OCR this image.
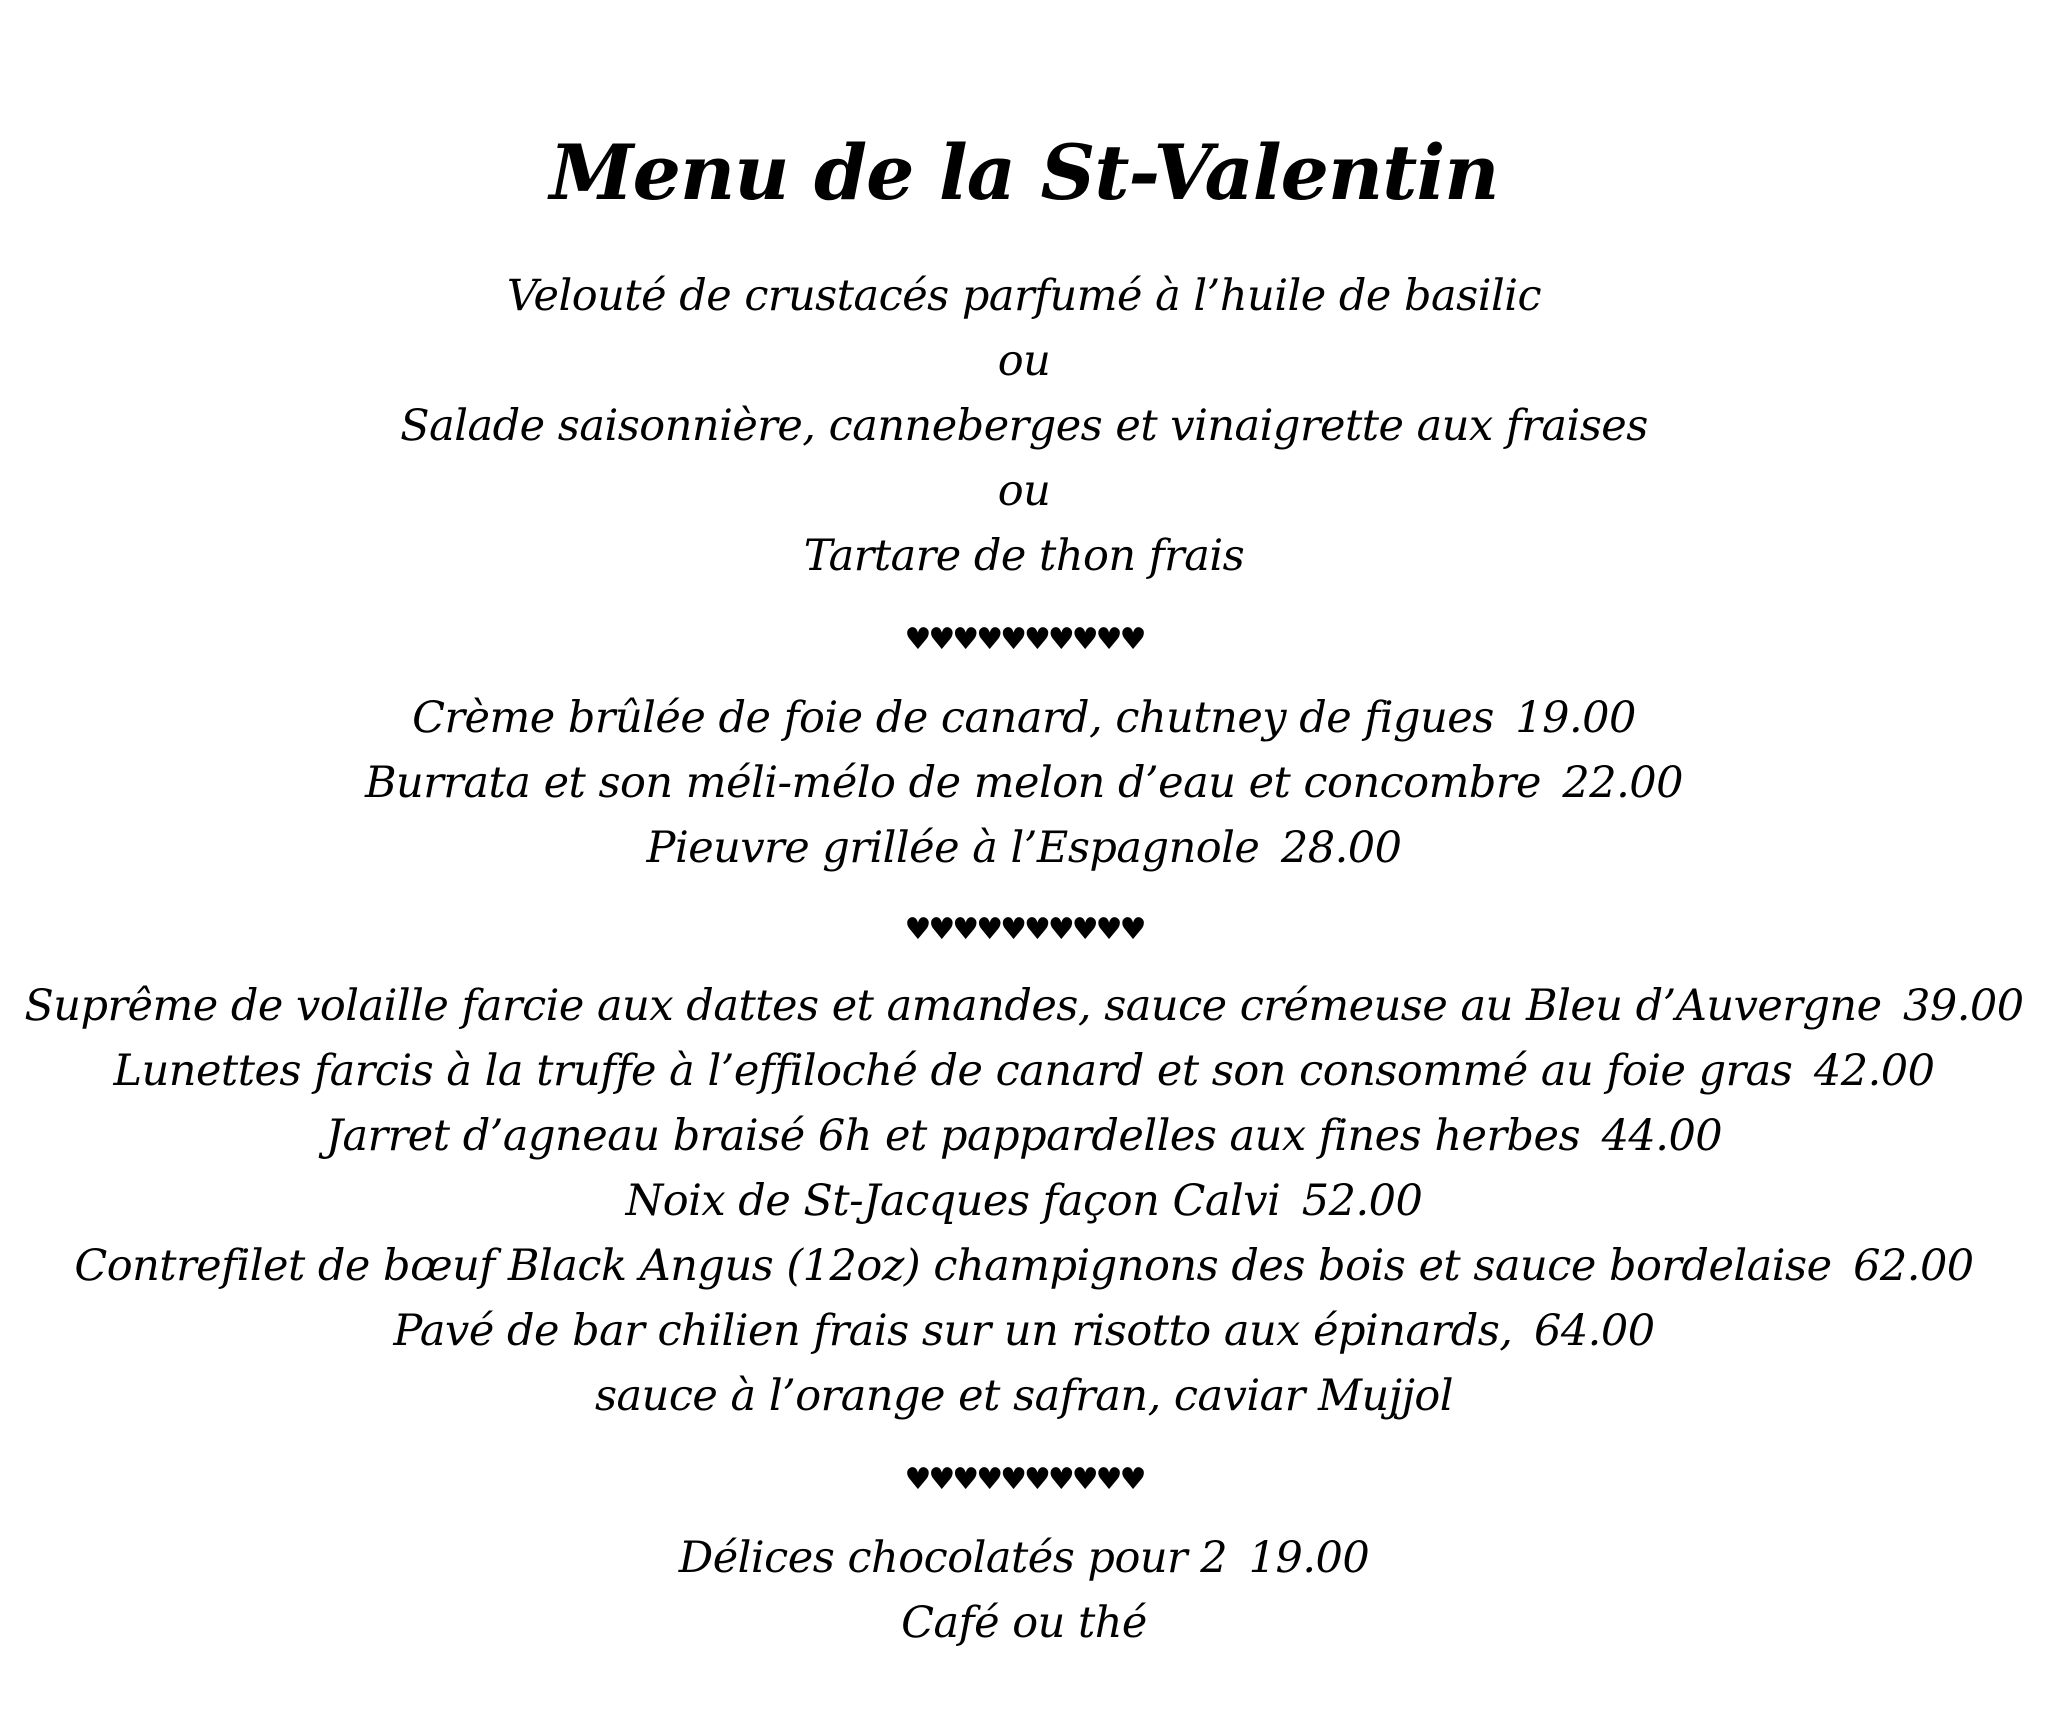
Menu de la St-Valentin
Velouté de crustacés parfumé à l’huile de basilic
ou
Salade saisonnière, canneberges et vinaigrette aux fraises
ou
Tartare de thon frais
♥♥♥♥♥♥♥♥♥♥
Crème brûlée de foie de canard, chutney de figues 19.00
Burrata et son méli-mélo de melon d’eau et concombre 22.00
Pieuvre grillée à l’Espagnole 28.00
♥♥♥♥♥♥♥♥♥♥
Suprême de volaille farcie aux dattes et amandes, sauce crémeuse au Bleu d’Auvergne 39.00
Lunettes farcis à la truffe à l’effiloché de canard et son consommé au foie gras 42.00
Jarret d’agneau braisé 6h et pappardelles aux fines herbes 44.00
Noix de St-Jacques façon Calvi 52.00
Contrefilet de bœuf Black Angus (12oz) champignons des bois et sauce bordelaise 62.00
Pavé de bar chilien frais sur un risotto aux épinards, 64.00
sauce à l’orange et safran, caviar Mujjol
♥♥♥♥♥♥♥♥♥♥
Délices chocolatés pour 2 19.00
Café ou thé
